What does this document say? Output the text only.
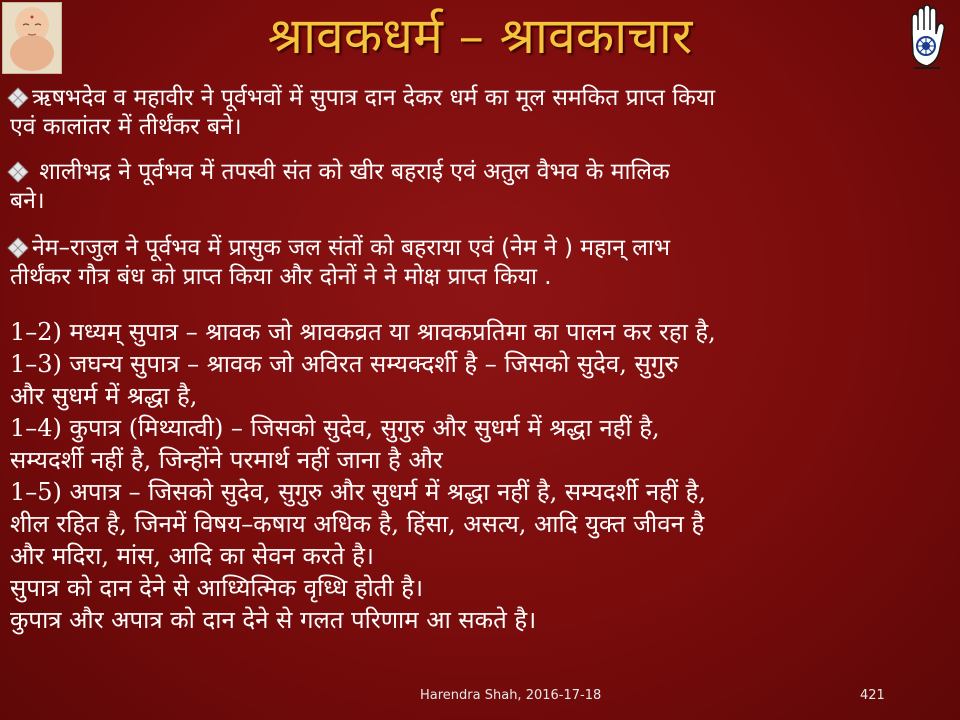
श्रावकधर्म – श्रावकाचार
ऋषभदेव व महावीर ने पूर्वभवों में सुपात्र दान देकर धर्म का मूल समकित प्राप्त किया
एवं कालांतर में तीर्थंकर बने।
शालीभद्र ने पूर्वभव में तपस्वी संत को खीर बहराई एवं अतुल वैभव के मालिक
बने।
नेम–राजुल ने पूर्वभव में प्रासुक जल संतों को बहराया एवं (नेम ने ) महान् लाभ
तीर्थंकर गौत्र बंध को प्राप्त किया और दोनों ने ने मोक्ष प्राप्त किया .
1–2) मध्यम् सुपात्र – श्रावक जो श्रावकव्रत या श्रावकप्रतिमा का पालन कर रहा है,
1–3) जघन्य सुपात्र – श्रावक जो अविरत सम्यक्दर्शी है – जिसको सुदेव, सुगुरु
और सुधर्म में श्रद्धा है,
1–4) कुपात्र (मिथ्यात्वी) – जिसको सुदेव, सुगुरु और सुधर्म में श्रद्धा नहीं है,
सम्यदर्शी नहीं है, जिन्होंने परमार्थ नहीं जाना है और
1–5) अपात्र – जिसको सुदेव, सुगुरु और सुधर्म में श्रद्धा नहीं है, सम्यदर्शी नहीं है,
शील रहित है, जिनमें विषय–कषाय अधिक है, हिंसा, असत्य, आदि युक्त जीवन है
और मदिरा, मांस, आदि का सेवन करते है।
सुपात्र को दान देने से आध्यित्मिक वृध्धि होती है।
कुपात्र और अपात्र को दान देने से गलत परिणाम आ सकते है।
Harendra Shah, 2016-17-18	421
